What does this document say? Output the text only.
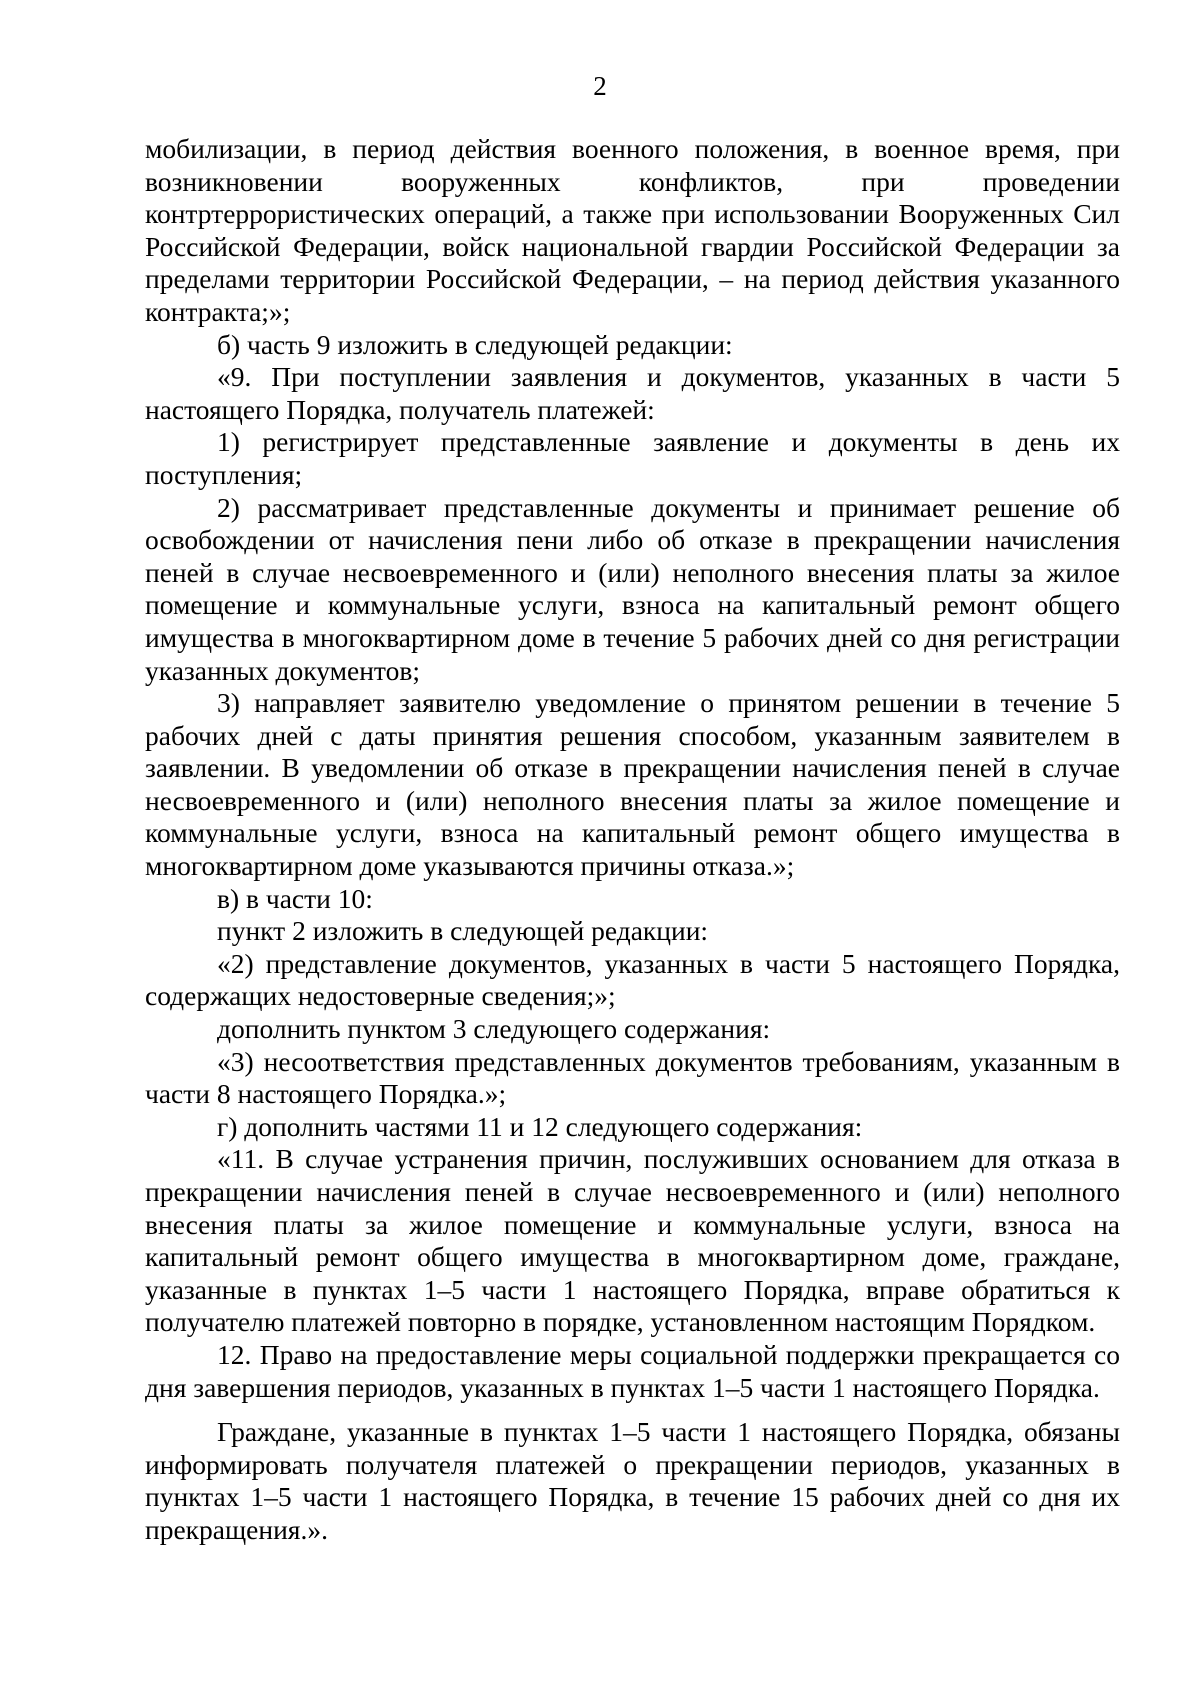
2

мобилизации, в период действия военного положения, в военное время, при возникновении вооруженных конфликтов, при проведении контртеррористических операций, а также при использовании Вооруженных Сил Российской Федерации, войск национальной гвардии Российской Федерации за пределами территории Российской Федерации, – на период действия указанного контракта;»;

б) часть 9 изложить в следующей редакции:

«9. При поступлении заявления и документов, указанных в части 5 настоящего Порядка, получатель платежей:

1) регистрирует представленные заявление и документы в день их поступления;

2) рассматривает представленные документы и принимает решение об освобождении от начисления пени либо об отказе в прекращении начисления пеней в случае несвоевременного и (или) неполного внесения платы за жилое помещение и коммунальные услуги, взноса на капитальный ремонт общего имущества в многоквартирном доме в течение 5 рабочих дней со дня регистрации указанных документов;

3) направляет заявителю уведомление о принятом решении в течение 5 рабочих дней с даты принятия решения способом, указанным заявителем в заявлении. В уведомлении об отказе в прекращении начисления пеней в случае несвоевременного и (или) неполного внесения платы за жилое помещение и коммунальные услуги, взноса на капитальный ремонт общего имущества в многоквартирном доме указываются причины отказа.»;

в) в части 10:

пункт 2 изложить в следующей редакции:

«2) представление документов, указанных в части 5 настоящего Порядка, содержащих недостоверные сведения;»;

дополнить пунктом 3 следующего содержания:

«3) несоответствия представленных документов требованиям, указанным в части 8 настоящего Порядка.»;

г) дополнить частями 11 и 12 следующего содержания:

«11. В случае устранения причин, послуживших основанием для отказа в прекращении начисления пеней в случае несвоевременного и (или) неполного внесения платы за жилое помещение и коммунальные услуги, взноса на капитальный ремонт общего имущества в многоквартирном доме, граждане, указанные в пунктах 1–5 части 1 настоящего Порядка, вправе обратиться к получателю платежей повторно в порядке, установленном настоящим Порядком.

12. Право на предоставление меры социальной поддержки прекращается со дня завершения периодов, указанных в пунктах 1–5 части 1 настоящего Порядка.

Граждане, указанные в пунктах 1–5 части 1 настоящего Порядка, обязаны информировать получателя платежей о прекращении периодов, указанных в пунктах 1–5 части 1 настоящего Порядка, в течение 15 рабочих дней со дня их прекращения.».
